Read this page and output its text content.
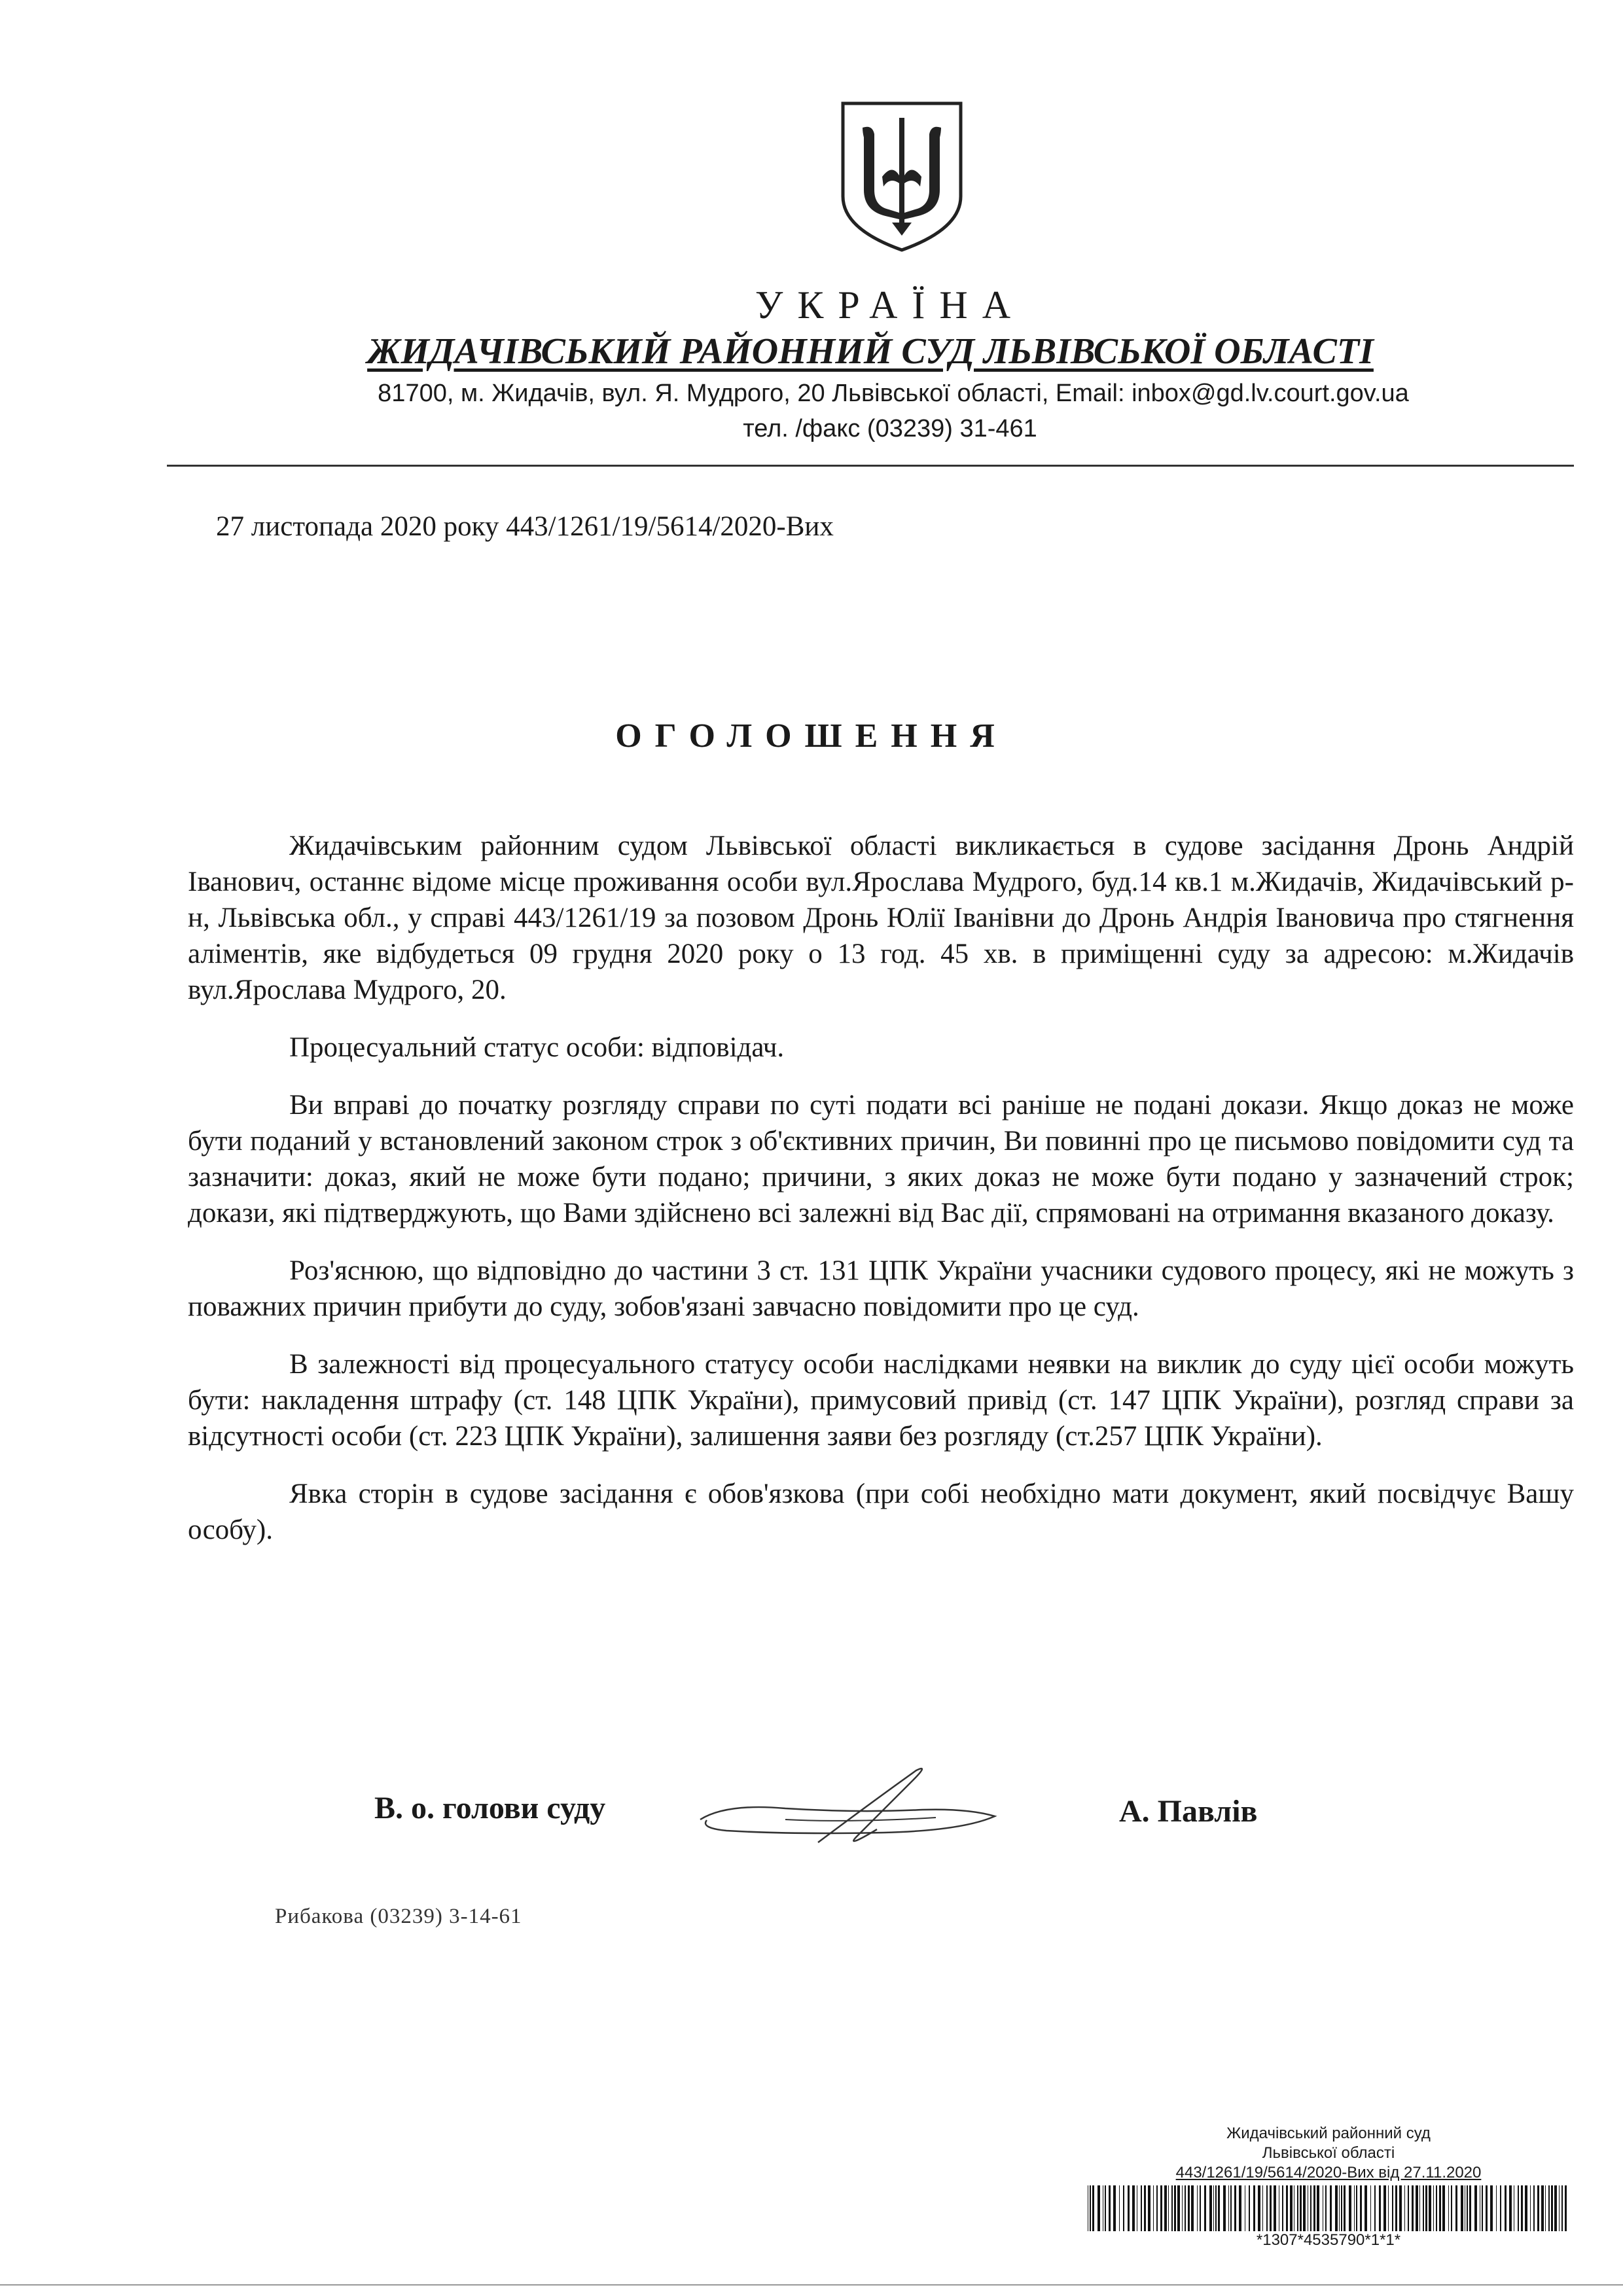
УКРАЇНА
ЖИДАЧІВСЬКИЙ РАЙОННИЙ СУД ЛЬВІВСЬКОЇ ОБЛАСТІ
81700, м. Жидачів, вул. Я. Мудрого, 20 Львівської області, Email: inbox@gd.lv.court.gov.ua
тел. /факс (03239) 31-461
27 листопада 2020 року 443/1261/19/5614/2020-Вих
ОГОЛОШЕННЯ

Жидачівським районним судом Львівської області викликається в судове засідання Дронь Андрій Іванович, останнє відоме місце проживання особи вул.Ярослава Мудрого, буд.14 кв.1 м.Жидачів, Жидачівський р-н, Львівська обл., у справі 443/1261/19 за позовом Дронь Юлії Іванівни до Дронь Андрія Івановича про стягнення аліментів, яке відбудеться 09 грудня 2020 року о 13 год. 45 хв. в приміщенні суду за адресою: м.Жидачів вул.Ярослава Мудрого, 20.

Процесуальний статус особи: відповідач.

Ви вправі до початку розгляду справи по суті подати всі раніше не подані докази. Якщо доказ не може бути поданий у встановлений законом строк з об'єктивних причин, Ви повинні про це письмово повідомити суд та зазначити: доказ, який не може бути подано; причини, з яких доказ не може бути подано у зазначений строк; докази, які підтверджують, що Вами здійснено всі залежні від Вас дії, спрямовані на отримання вказаного доказу.

Роз'яснюю, що відповідно до частини 3 ст. 131 ЦПК України учасники судового процесу, які не можуть з поважних причин прибути до суду, зобов'язані завчасно повідомити про це суд.

В залежності від процесуального статусу особи наслідками неявки на виклик до суду цієї особи можуть бути: накладення штрафу (ст. 148 ЦПК України), примусовий привід (ст. 147 ЦПК України), розгляд справи за відсутності особи (ст. 223 ЦПК України), залишення заяви без розгляду (ст.257 ЦПК України).

Явка сторін в судове засідання є обов'язкова (при собі необхідно мати документ, який посвідчує Вашу особу).

В. о. голови суду	А. Павлів
Рибакова (03239) 3-14-61
Жидачівський районний суд
Львівської області
443/1261/19/5614/2020-Вих від 27.11.2020
*1307*4535790*1*1*
